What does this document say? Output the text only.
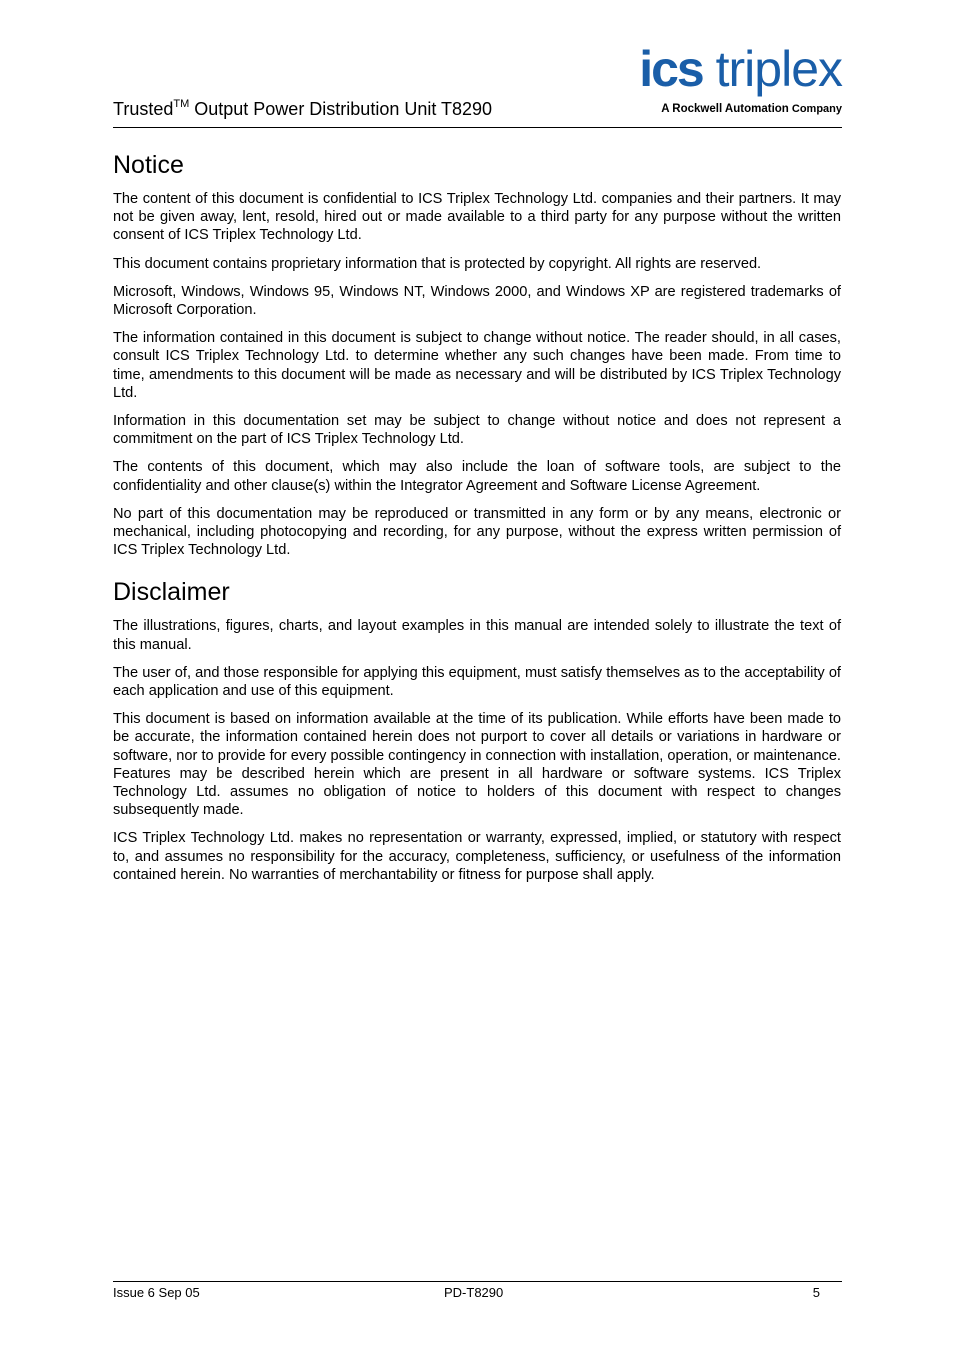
Trusted™ Output Power Distribution Unit T8290
ics triplex
A Rockwell Automation Company
Notice

The content of this document is confidential to ICS Triplex Technology Ltd. companies and their partners. It may not be given away, lent, resold, hired out or made available to a third party for any purpose without the written consent of ICS Triplex Technology Ltd.

This document contains proprietary information that is protected by copyright. All rights are reserved.

Microsoft, Windows, Windows 95, Windows NT, Windows 2000, and Windows XP are registered trademarks of Microsoft Corporation.

The information contained in this document is subject to change without notice. The reader should, in all cases, consult ICS Triplex Technology Ltd. to determine whether any such changes have been made. From time to time, amendments to this document will be made as necessary and will be distributed by ICS Triplex Technology Ltd.

Information in this documentation set may be subject to change without notice and does not represent a commitment on the part of ICS Triplex Technology Ltd.

The contents of this document, which may also include the loan of software tools, are subject to the confidentiality and other clause(s) within the Integrator Agreement and Software License Agreement.

No part of this documentation may be reproduced or transmitted in any form or by any means, electronic or mechanical, including photocopying and recording, for any purpose, without the express written permission of ICS Triplex Technology Ltd.

Disclaimer

The illustrations, figures, charts, and layout examples in this manual are intended solely to illustrate the text of this manual.

The user of, and those responsible for applying this equipment, must satisfy themselves as to the acceptability of each application and use of this equipment.

This document is based on information available at the time of its publication. While efforts have been made to be accurate, the information contained herein does not purport to cover all details or variations in hardware or software, nor to provide for every possible contingency in connection with installation, operation, or maintenance. Features may be described herein which are present in all hardware or software systems. ICS Triplex Technology Ltd. assumes no obligation of notice to holders of this document with respect to changes subsequently made.

ICS Triplex Technology Ltd. makes no representation or warranty, expressed, implied, or statutory with respect to, and assumes no responsibility for the accuracy, completeness, sufficiency, or usefulness of the information contained herein. No warranties of merchantability or fitness for purpose shall apply.

Issue 6 Sep 05	PD-T8290	5
